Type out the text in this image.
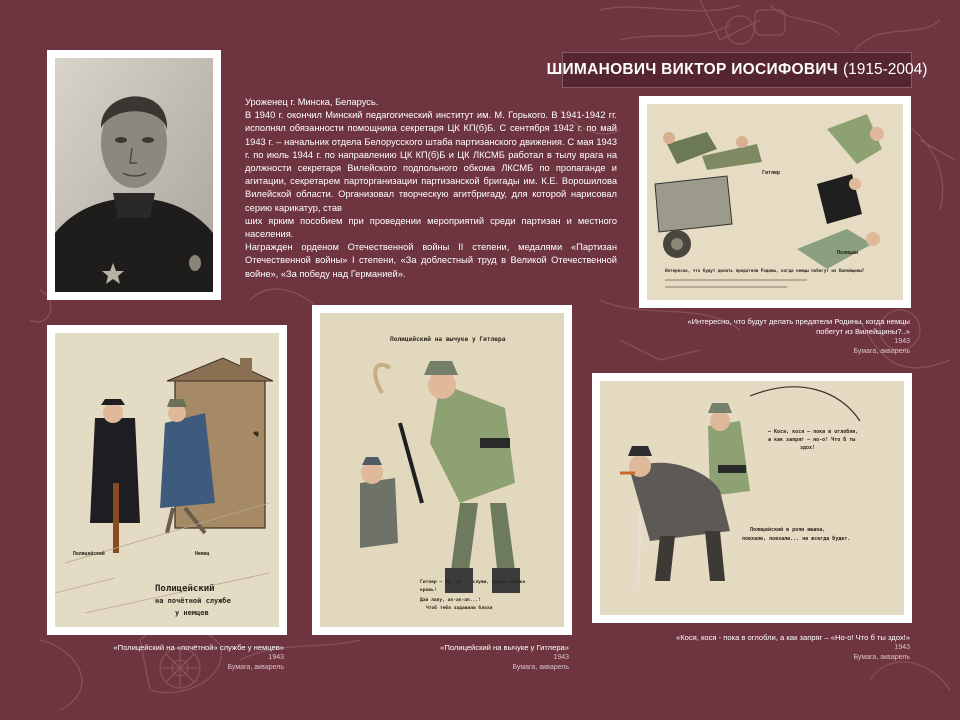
ШИМАНОВИЧ ВИКТОР ИОСИФОВИЧ (1915-2004)

Уроженец г. Минска, Беларусь.

В 1940 г. окончил Минский педагогический институт им. М. Горького. В 1941-1942 гг. исполнял обязанности помощника секретаря ЦК КП(б)Б. С сентября 1942 г. по май 1943 г. – начальник отдела Белорусского штаба партизанского движения. С мая 1943 г. по июль 1944 г. по направлению ЦК КП(б)Б и ЦК ЛКСМБ работал в тылу врага на должности секретаря Вилейского подпольного обкома ЛКСМБ по пропаганде и агитации, секретарем парторганизации партизанской бригады им. К.Е. Ворошилова Вилейской области. Организовал творческую агитбригаду, для которой нарисовал серию карикатур, став

ших ярким пособием при проведении мероприятий среди партизан и местного населения.

Награжден орденом Отечественной войны II степени, медалями «Партизан Отечественной войны» I степени, «За доблестный труд в Великой Отечественной войне», «За победу над Германией».

Гитлер
Полицаи
Интересно, что будут делать предатели Родины, когда немцы побегут из Вилейщины?
«Интересно, что будут делать предатели Родины, когда немцы побегут из Вилейщины?..»
1943
Бумага, акварель
Полицейский	Немец
Полицейский
на почётной службе
у немцев
«Полицейский на «почётной» службе у немцев»
1943
Бумага, акварель
Полицейский на вычуке у Гитлера
Гитлер – Ну, ну... служи, служи собака
кровь!
Дай лапу, ап-ап-ап...!
Чтоб тебя задавили блохи
«Полицейский на вычуке у Гитлера»
1943
Бумага, акварель
– Кося, кося – пока в оглобли,
а как запряг – но-о! Что б ты
здох!
Полицейский в роли ишака,
поехали, поехали... не всегда будет.
«Кося, кося - пока в оглобли, а как запряг – «Но-о! Что б ты здох!»
1943
Бумага, акварель
